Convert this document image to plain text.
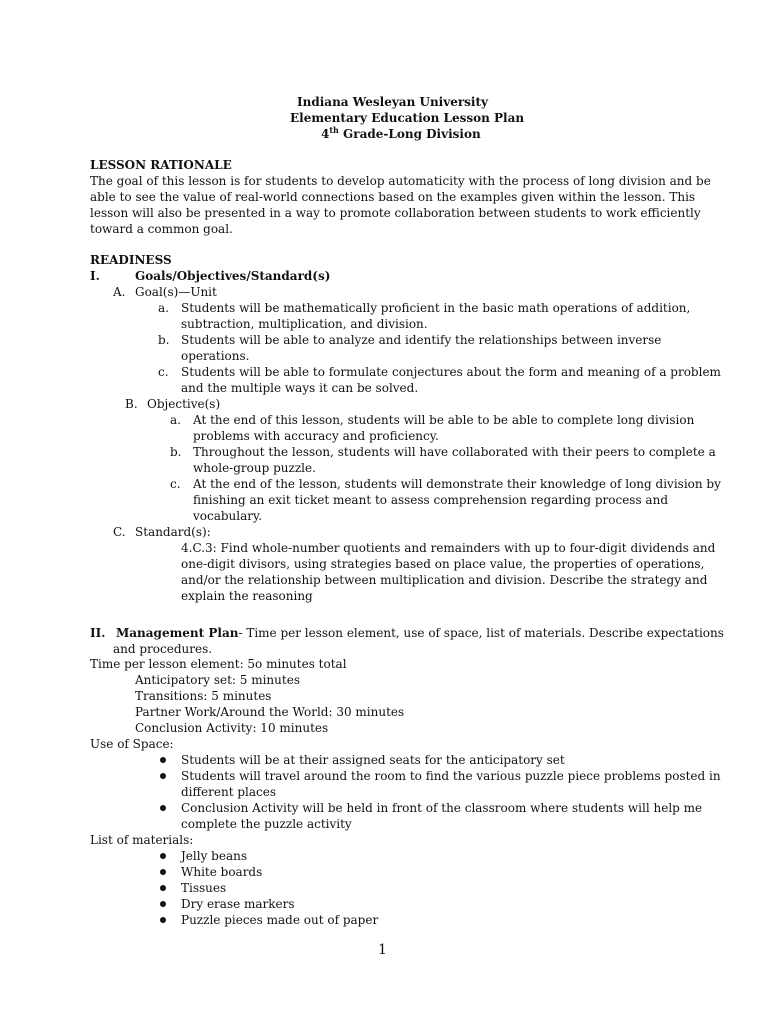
Indiana Wesleyan University
Elementary Education Lesson Plan
4th Grade-Long Division
LESSON RATIONALE
The goal of this lesson is for students to develop automaticity with the process of long division and be
able to see the value of real-world connections based on the examples given within the lesson. This
lesson will also be presented in a way to promote collaboration between students to work efficiently
toward a common goal.
READINESS
I.	Goals/Objectives/Standard(s)
A. Goal(s)—Unit
a. Students will be mathematically proficient in the basic math operations of addition,
subtraction, multiplication, and division.
b. Students will be able to analyze and identify the relationships between inverse
operations.
c. Students will be able to formulate conjectures about the form and meaning of a problem
and the multiple ways it can be solved.
B. Objective(s)
a. At the end of this lesson, students will be able to be able to complete long division
problems with accuracy and proficiency.
b. Throughout the lesson, students will have collaborated with their peers to complete a
whole-group puzzle.
c. At the end of the lesson, students will demonstrate their knowledge of long division by
finishing an exit ticket meant to assess comprehension regarding process and
vocabulary.
C. Standard(s):
4.C.3: Find whole-number quotients and remainders with up to four-digit dividends and
one-digit divisors, using strategies based on place value, the properties of operations,
and/or the relationship between multiplication and division. Describe the strategy and
explain the reasoning
II. Management Plan- Time per lesson element, use of space, list of materials. Describe expectations
and procedures.
Time per lesson element: 5o minutes total
Anticipatory set: 5 minutes
Transitions: 5 minutes
Partner Work/Around the World: 30 minutes
Conclusion Activity: 10 minutes
Use of Space:
Students will be at their assigned seats for the anticipatory set
Students will travel around the room to find the various puzzle piece problems posted in
different places
Conclusion Activity will be held in front of the classroom where students will help me
complete the puzzle activity
List of materials:
Jelly beans
White boards
Tissues
Dry erase markers
Puzzle pieces made out of paper
1
